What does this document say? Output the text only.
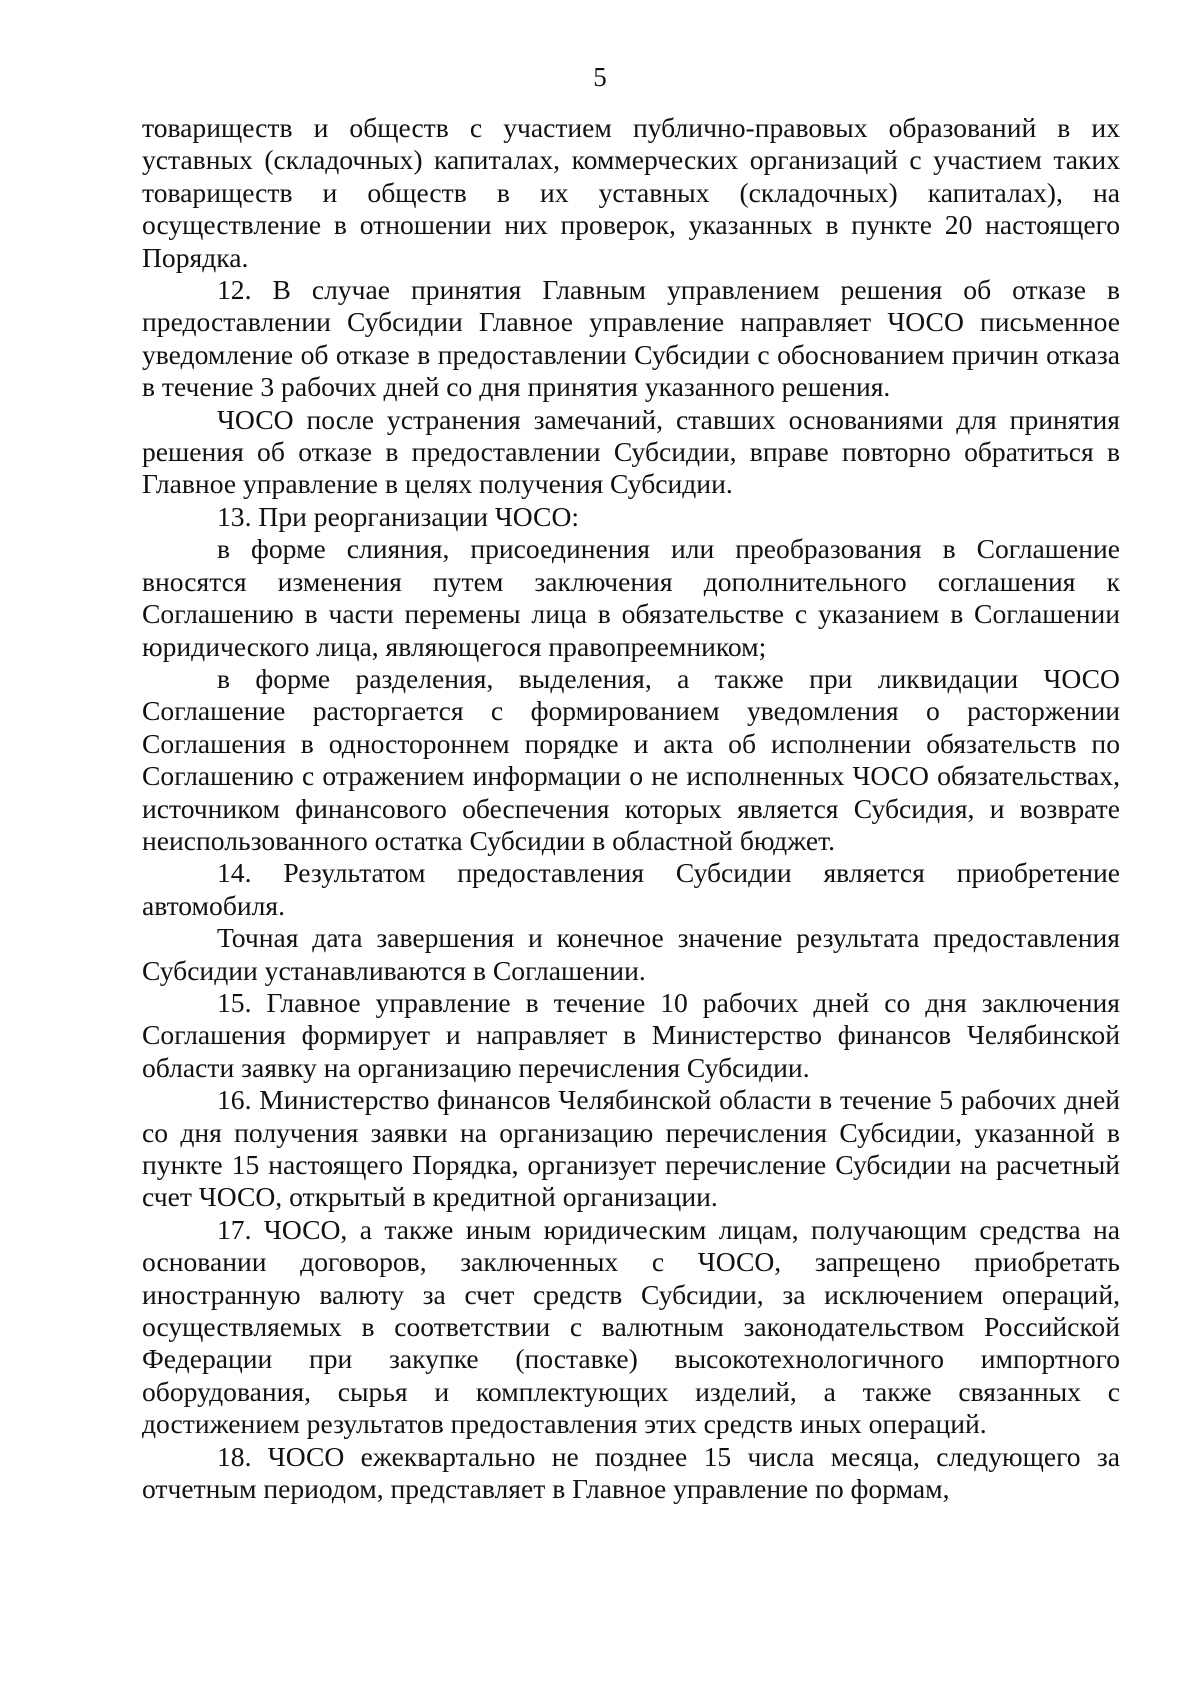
5

товариществ и обществ с участием публично-правовых образований в их уставных (складочных) капиталах, коммерческих организаций с участием таких товариществ и обществ в их уставных (складочных) капиталах), на осуществление в отношении них проверок, указанных в пункте 20 настоящего Порядка.

12. В случае принятия Главным управлением решения об отказе в предоставлении Субсидии Главное управление направляет ЧОСО письменное уведомление об отказе в предоставлении Субсидии с обоснованием причин отказа в течение 3 рабочих дней со дня принятия указанного решения.

ЧОСО после устранения замечаний, ставших основаниями для принятия решения об отказе в предоставлении Субсидии, вправе повторно обратиться в Главное управление в целях получения Субсидии.

13. При реорганизации ЧОСО:

в форме слияния, присоединения или преобразования в Соглашение вносятся изменения путем заключения дополнительного соглашения к Соглашению в части перемены лица в обязательстве с указанием в Соглашении юридического лица, являющегося правопреемником;

в форме разделения, выделения, а также при ликвидации ЧОСО Соглашение расторгается с формированием уведомления о расторжении Соглашения в одностороннем порядке и акта об исполнении обязательств по Соглашению с отражением информации о не исполненных ЧОСО обязательствах, источником финансового обеспечения которых является Субсидия, и возврате неиспользованного остатка Субсидии в областной бюджет.

14. Результатом предоставления Субсидии является приобретение автомобиля.

Точная дата завершения и конечное значение результата предоставления Субсидии устанавливаются в Соглашении.

15. Главное управление в течение 10 рабочих дней со дня заключения Соглашения формирует и направляет в Министерство финансов Челябинской области заявку на организацию перечисления Субсидии.

16. Министерство финансов Челябинской области в течение 5 рабочих дней со дня получения заявки на организацию перечисления Субсидии, указанной в пункте 15 настоящего Порядка, организует перечисление Субсидии на расчетный счет ЧОСО, открытый в кредитной организации.

17. ЧОСО, а также иным юридическим лицам, получающим средства на основании договоров, заключенных с ЧОСО, запрещено приобретать иностранную валюту за счет средств Субсидии, за исключением операций, осуществляемых в соответствии с валютным законодательством Российской Федерации при закупке (поставке) высокотехнологичного импортного оборудования, сырья и комплектующих изделий, а также связанных с достижением результатов предоставления этих средств иных операций.

18. ЧОСО ежеквартально не позднее 15 числа месяца, следующего за отчетным периодом, представляет в Главное управление по формам,
